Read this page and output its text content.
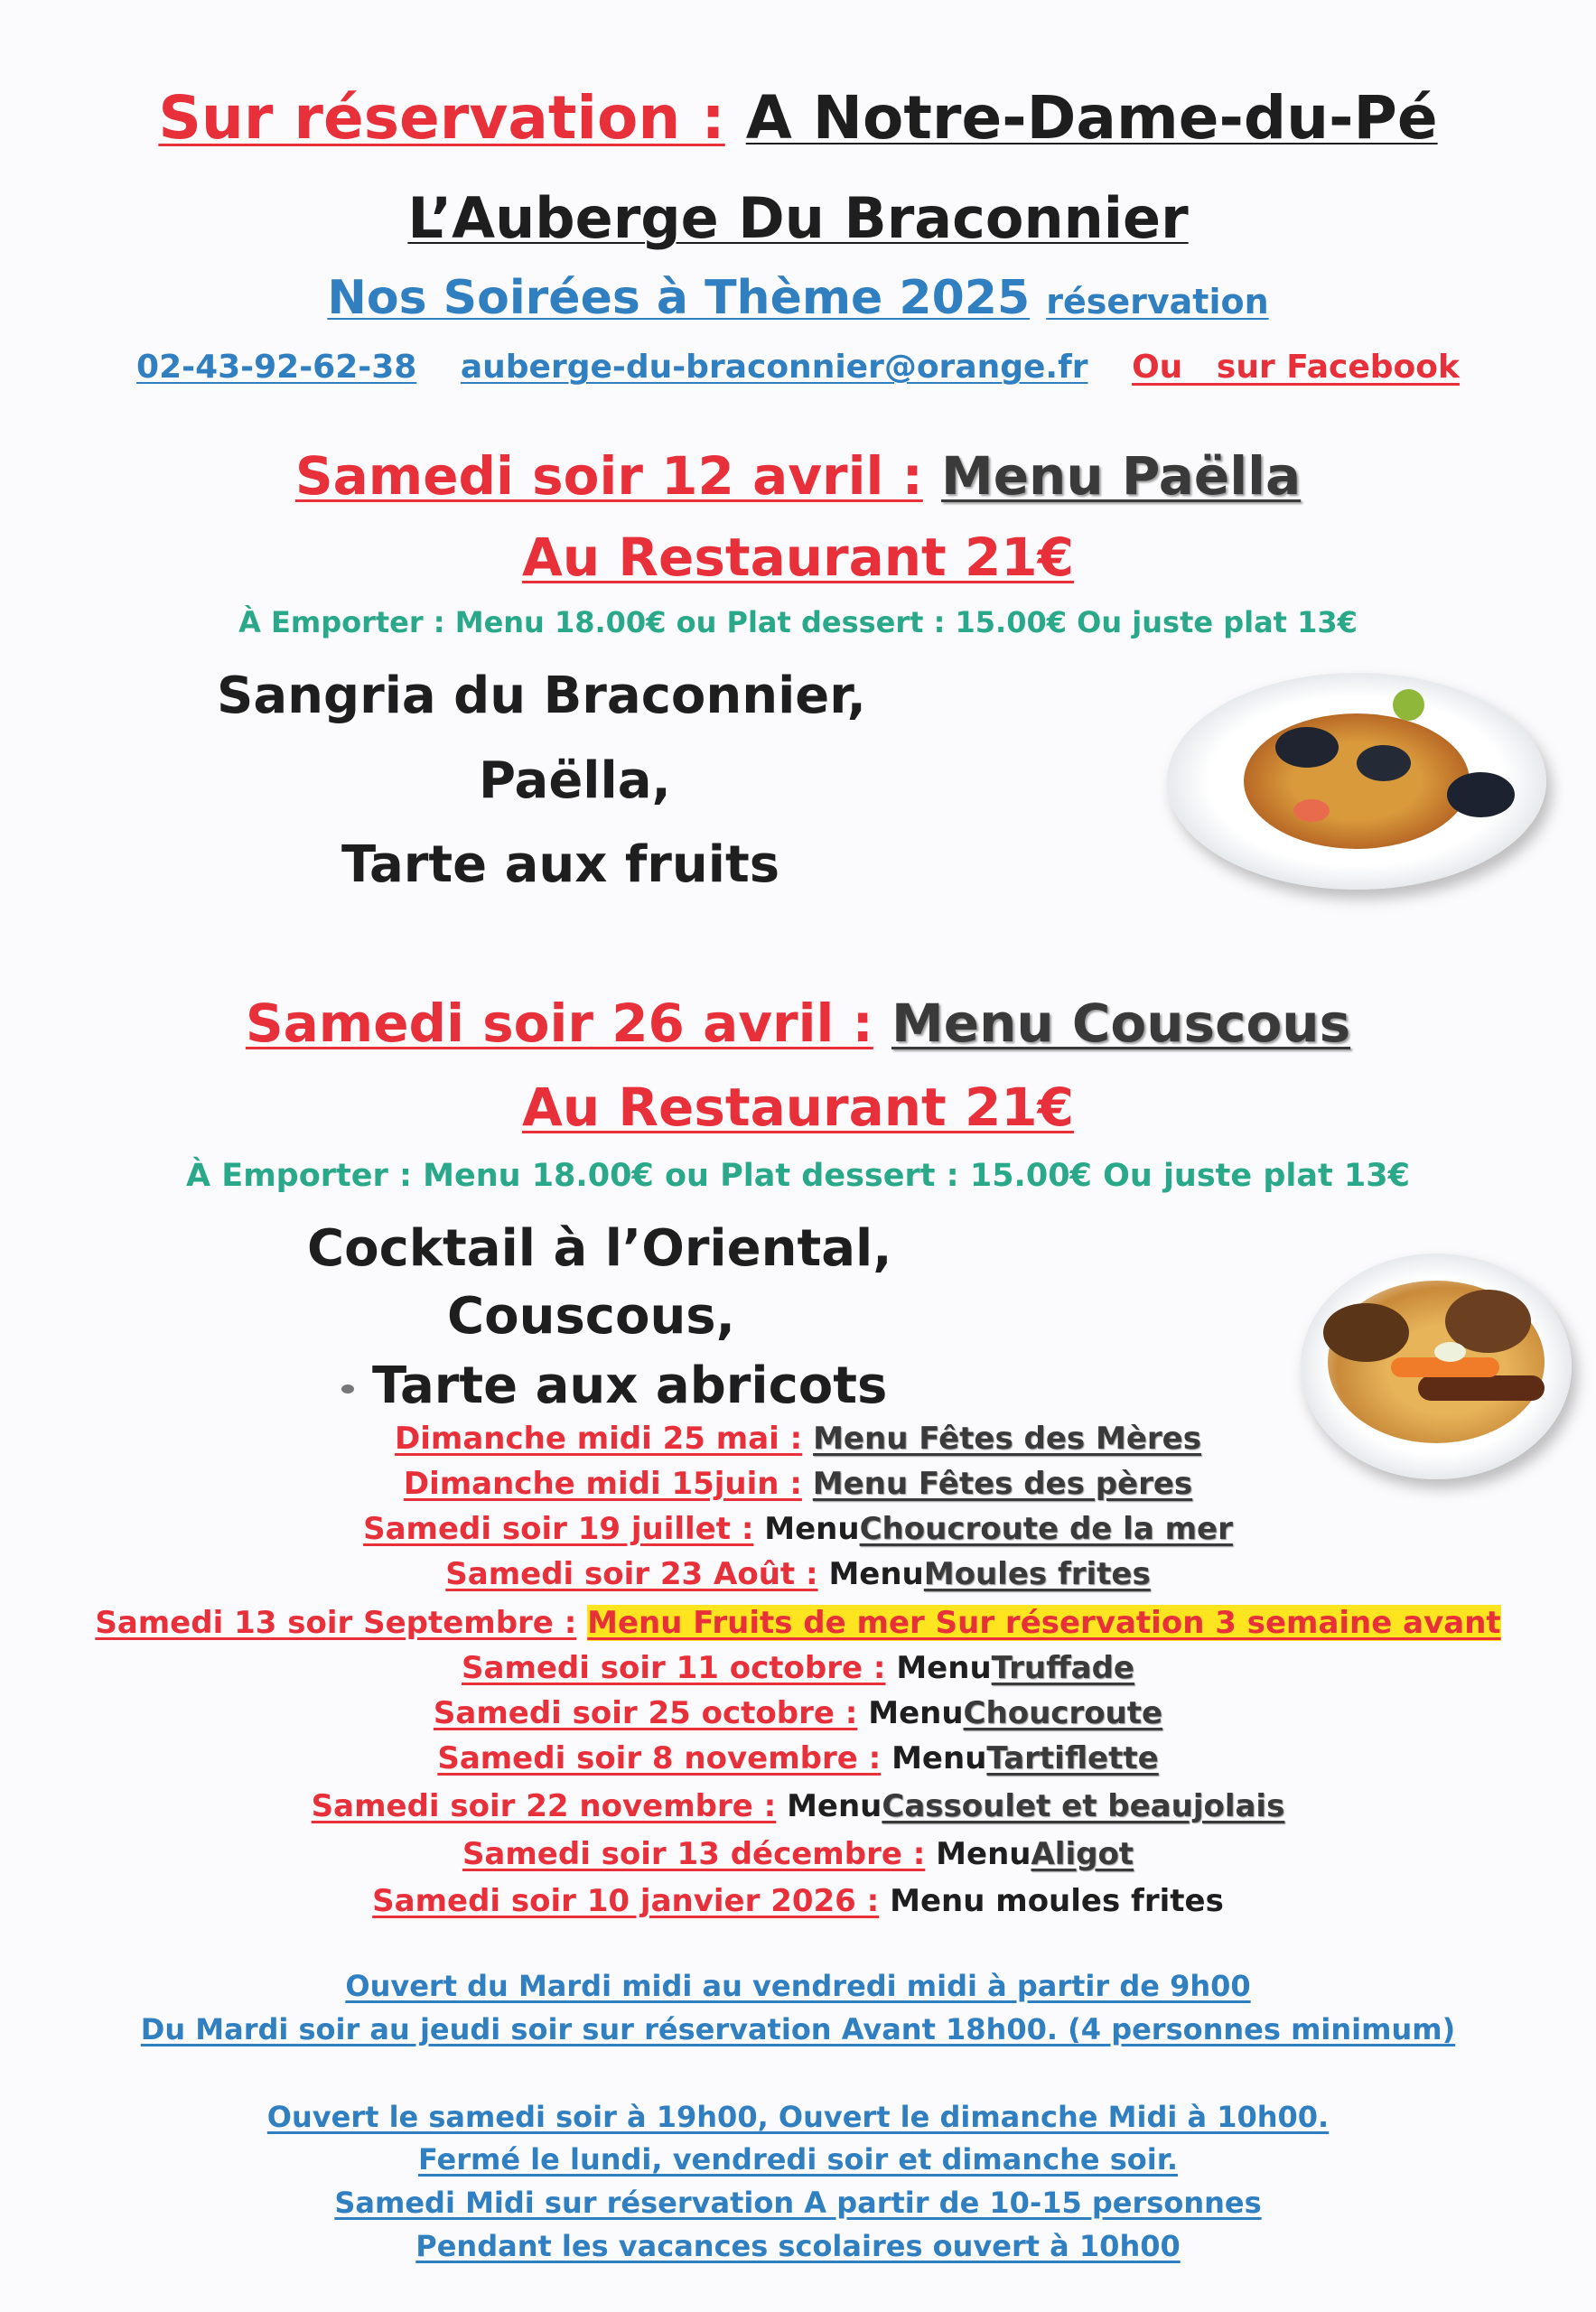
Sur réservation : A Notre-Dame-du-Pé
L’Auberge Du Braconnier
Nos Soirées à Thème 2025 réservation
02-43-92-62-38 auberge-du-braconnier@orange.fr Ou   sur Facebook
Samedi soir 12 avril : Menu Paëlla
Au Restaurant 21€
À Emporter : Menu 18.00€ ou Plat dessert : 15.00€ Ou juste plat 13€
Sangria du Braconnier,
Paëlla,
Tarte aux fruits
Samedi soir 26 avril : Menu Couscous
Au Restaurant 21€
À Emporter : Menu 18.00€ ou Plat dessert : 15.00€ Ou juste plat 13€
Cocktail à l’Oriental,
Couscous,
Tarte aux abricots
Dimanche midi 25 mai : Menu Fêtes des Mères
Dimanche midi 15juin : Menu Fêtes des pères
Samedi soir 19 juillet : MenuChoucroute de la mer
Samedi soir 23 Août : MenuMoules frites
Samedi 13 soir Septembre : Menu Fruits de mer Sur réservation 3 semaine avant
Samedi soir 11 octobre : MenuTruffade
Samedi soir 25 octobre : MenuChoucroute
Samedi soir 8 novembre : MenuTartiflette
Samedi soir 22 novembre : MenuCassoulet et beaujolais
Samedi soir 13 décembre : MenuAligot
Samedi soir 10 janvier 2026 : Menu moules frites
Ouvert du Mardi midi au vendredi midi à partir de 9h00
Du Mardi soir au jeudi soir sur réservation Avant 18h00. (4 personnes minimum)
Ouvert le samedi soir à 19h00, Ouvert le dimanche Midi à 10h00.
Fermé le lundi, vendredi soir et dimanche soir.
Samedi Midi sur réservation A partir de 10-15 personnes
Pendant les vacances scolaires ouvert à 10h00
